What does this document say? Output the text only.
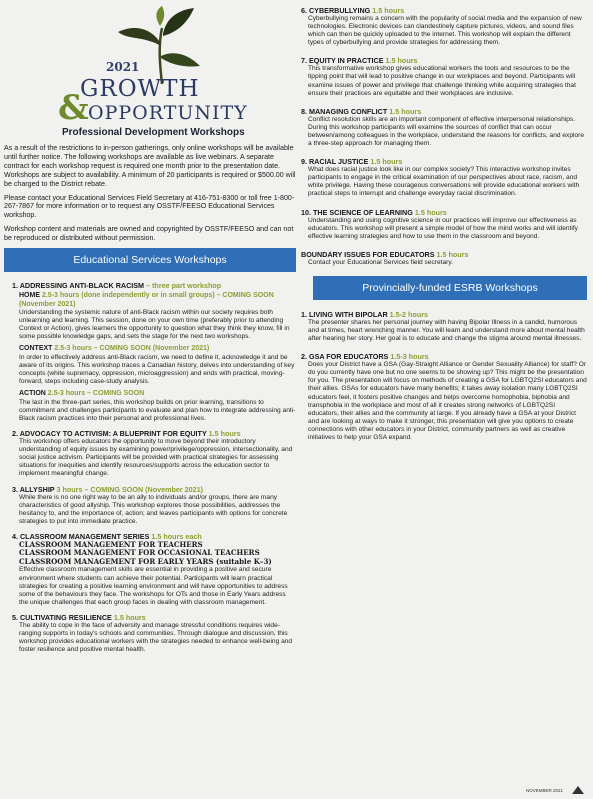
2021
GROWTH
& OPPORTUNITY
Professional Development Workshops

As a result of the restrictions to in-person gatherings, only online workshops will be available until further notice. The following workshops are available as live webinars. A separate contract for each workshop request is required one month prior to the presentation date. Workshops are subject to availability. A minimum of 20 participants is required or $500.00 will be charged to the District rebate.

Please contact your Educational Services Field Secretary at 416-751-8300 or toll free 1-800-267-7867 for more information or to request any OSSTF/FEESO Educational Services workshop.

Workshop content and materials are owned and copyrighted by OSSTF/FEESO and can not be reproduced or distributed without permission.

Educational Services Workshops
1. ADDRESSING ANTI-BLACK RACISM – three part workshop
HOME 2.5-3 hours (done independently or in small groups) – COMING SOON (November 2021)
Understanding the systemic nature of anti-Black racism within our society requires both unlearning and learning. This session, done on your own time (preferably prior to attending Context or Action), gives learners the opportunity to question what they think they know, fill in some possible knowledge gaps, and sets the stage for the next two workshops.
CONTEXT 2.5-3 hours – COMING SOON (November 2021)
In order to effectively address anti-Black racism, we need to define it, acknowledge it and be aware of its origins. This workshop traces a Canadian history, delves into understanding of key concepts (white supremacy, oppression, microaggression) and ends with practical, moving-forward, steps including case-study analysis.
ACTION 2.5-3 hours – COMING SOON
The last in the three-part series, this workshop builds on prior learning, transitions to commitment and challenges participants to evaluate and plan how to integrate addressing anti-Black racism practices into their personal and professional lives.
2. ADVOCACY TO ACTIVISM: A BLUEPRINT FOR EQUITY 1.5 hours
This workshop offers educators the opportunity to move beyond their introductory understanding of equity issues by examining power/privilege/oppression, intersectionality, and social justice activism. Participants will be provided with practical strategies for assessing situations for inequities and identify resources/supports across the education sector to implement meaningful change.
3. ALLYSHIP 3 hours – COMING SOON (November 2021)
While there is no one right way to be an ally to individuals and/or groups, there are many characteristics of good allyship. This workshop explores those possibilities, addresses the hesitancy to, and the importance of, action; and leaves participants with options for concrete strategies to put into immediate practice.
4. CLASSROOM MANAGEMENT SERIES 1.5 hours each
CLASSROOM MANAGEMENT FOR TEACHERS
CLASSROOM MANAGEMENT FOR OCCASIONAL TEACHERS
CLASSROOM MANAGEMENT FOR EARLY YEARS (suitable K–3)
Effective classroom management skills are essential in providing a positive and secure environment where students can achieve their potential. Participants will learn practical strategies for creating a positive learning environment and will have opportunities to address some of the behaviours they face. The workshops for OTs and those in Early Years address the unique challenges that each group faces in dealing with classroom management.
5. CULTIVATING RESILIENCE 1.5 hours
The ability to cope in the face of adversity and manage stressful conditions requires wide-ranging supports in today's schools and communities. Through dialogue and discussion, this workshop provides educational workers with the strategies needed to enhance well-being and foster resilience and positive mental health.
6. CYBERBULLYING 1.5 hours
Cyberbullying remains a concern with the popularity of social media and the expansion of new technologies. Electronic devices can clandestinely capture pictures, videos, and sound files which can then be quickly uploaded to the internet. This workshop will explain the different types of cyberbullying and provide strategies for addressing them.
7. EQUITY IN PRACTICE 1.5 hours
This transformative workshop gives educational workers the tools and resources to be the tipping point that will lead to positive change in our workplaces and beyond. Participants will examine issues of power and privilege that challenge thinking while acquiring strategies that ensure their practices are equitable and their workplaces are inclusive.
8. MANAGING CONFLICT 1.5 hours
Conflict resolution skills are an important component of effective interpersonal relationships. During this workshop participants will examine the sources of conflict that can occur between/among colleagues in the workplace, understand the reasons for conflicts, and explore a three-step approach for managing them.
9. RACIAL JUSTICE 1.5 hours
What does racial justice look like in our complex society? This interactive workshop invites participants to engage in the critical examination of our perspectives about race, racism, and white privilege. Having these courageous conversations will provide educational workers with practical steps to interrupt and challenge everyday racial discrimination.
10. THE SCIENCE OF LEARNING 1.5 hours
Understanding and using cognitive science in our practices will improve our effectiveness as educators. This workshop will present a simple model of how the mind works and will identify effective learning strategies and how to use them in the classroom and beyond.
BOUNDARY ISSUES FOR EDUCATORS 1.5 hours
Contact your Educational Services field secretary.
Provincially-funded ESRB Workshops
1. LIVING WITH BIPOLAR 1.5-2 hours
The presenter shares her personal journey with having Bipolar Illness in a candid, humorous and at times, heart wrenching manner. You will learn and understand more about mental health after hearing her story. Her goal is to educate and change the stigma around mental illnesses.
2. GSA FOR EDUCATORS 1.5-3 hours
Does your District have a GSA (Gay-Straight Alliance or Gender Sexuality Alliance) for staff? Or do you currently have one but no one seems to be showing up? This might be the presentation for you. The presentation will focus on methods of creating a GSA for LGBTQ2SI educators and their allies. GSAs for educators have many benefits; it takes away isolation many LGBTQ2SI educators feel, it fosters positive changes and helps overcome homophobia, biphobia and transphobia in the workplace and most of all it creates strong networks of LGBTQ2SI educators, their allies and the community at large. If you already have a GSA at your District and are looking at ways to make it stronger, this presentation will give you options to create connections with other educators in your District, community partners as well as creative initiatives to help your GSA expand.
NOVEMBER 2021
